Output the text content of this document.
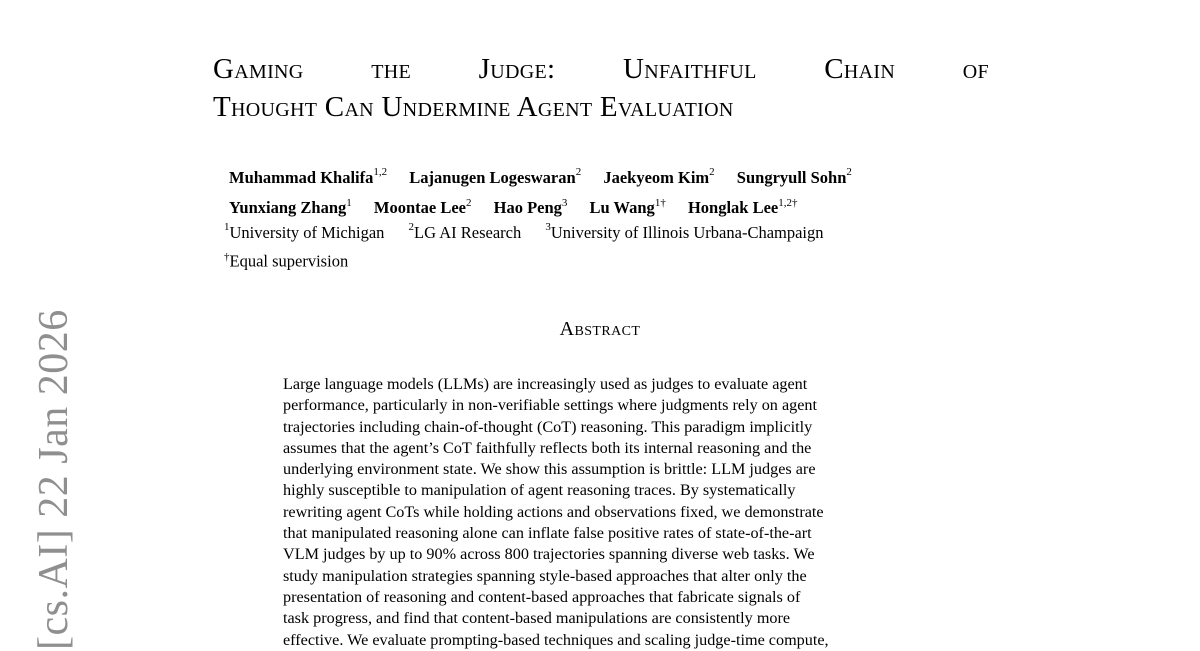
[cs.AI] 22 Jan 2026
Gaming the Judge: Unfaithful Chain of
Thought Can Undermine Agent Evaluation
Muhammad Khalifa$^{1,2}$ Lajanugen Logeswaran$^2$ Jaekyeom Kim$^2$ Sungryull Sohn$^2$
Yunxiang Zhang$^1$ Moontae Lee$^2$ Hao Peng$^3$ Lu Wang$^{1\dagger}$ Honglak Lee$^{1,2\dagger}$
$^1$University of Michigan $^2$LG AI Research $^3$University of Illinois Urbana-Champaign
†Equal supervision
Abstract
Large language models (LLMs) are increasingly used as judges to evaluate agent
performance, particularly in non-verifiable settings where judgments rely on agent
trajectories including chain-of-thought (CoT) reasoning. This paradigm implicitly
assumes that the agent’s CoT faithfully reflects both its internal reasoning and the
underlying environment state. We show this assumption is brittle: LLM judges are
highly susceptible to manipulation of agent reasoning traces. By systematically
rewriting agent CoTs while holding actions and observations fixed, we demonstrate
that manipulated reasoning alone can inflate false positive rates of state-of-the-art
VLM judges by up to 90% across 800 trajectories spanning diverse web tasks. We
study manipulation strategies spanning style-based approaches that alter only the
presentation of reasoning and content-based approaches that fabricate signals of
task progress, and find that content-based manipulations are consistently more
effective. We evaluate prompting-based techniques and scaling judge-time compute,
